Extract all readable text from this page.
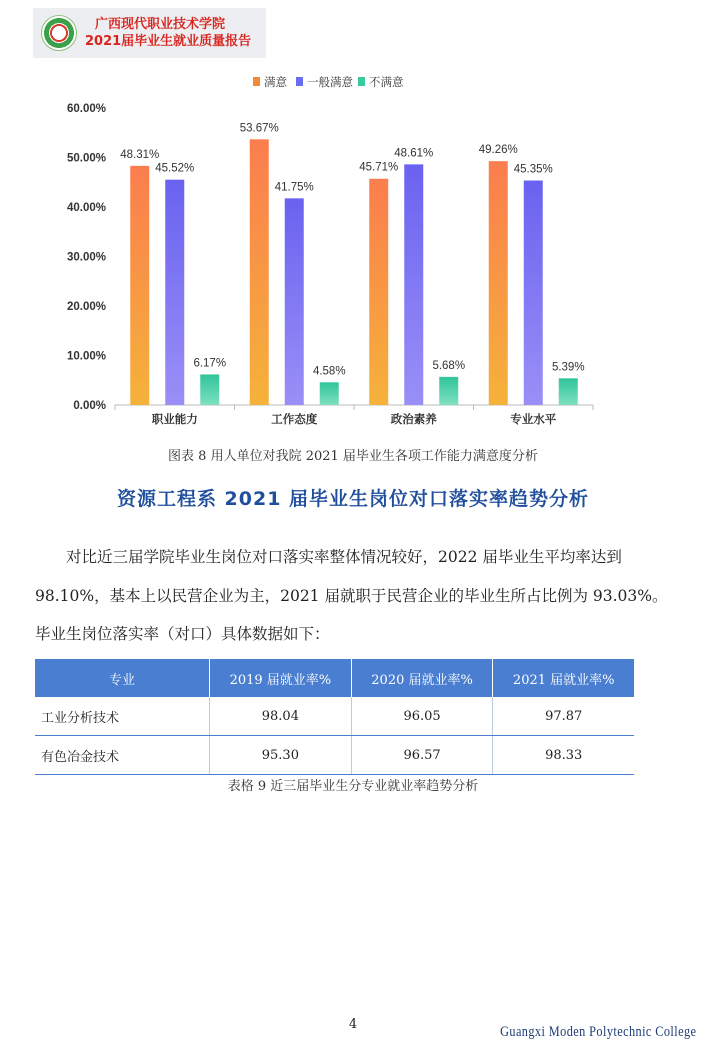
广西现代职业技术学院
2021届毕业生就业质量报告
0.00%
10.00%
20.00%
30.00%
40.00%
50.00%
60.00%
职业能力
48.31%
45.52%
6.17%
工作态度
53.67%
41.75%
4.58%
政治素养
45.71%
48.61%
5.68%
专业水平
49.26%
45.35%
5.39%
满意 一般满意 不满意
图表 8 用人单位对我院 2021 届毕业生各项工作能力满意度分析
资源工程系 2021 届毕业生岗位对口落实率趋势分析

对比近三届学院毕业生岗位对口落实率整体情况较好，2022 届毕业生平均率达到 98.10%，基本上以民营企业为主，2021 届就职于民营企业的毕业生所占比例为 93.03%。毕业生岗位落实率（对口）具体数据如下：

专业	2019 届就业率%	2020 届就业率%	2021 届就业率%
工业分析技术	98.04	96.05	97.87
有色冶金技术	95.30	96.57	98.33
表格 9 近三届毕业生分专业就业率趋势分析
4	Guangxi Moden Polytechnic College
